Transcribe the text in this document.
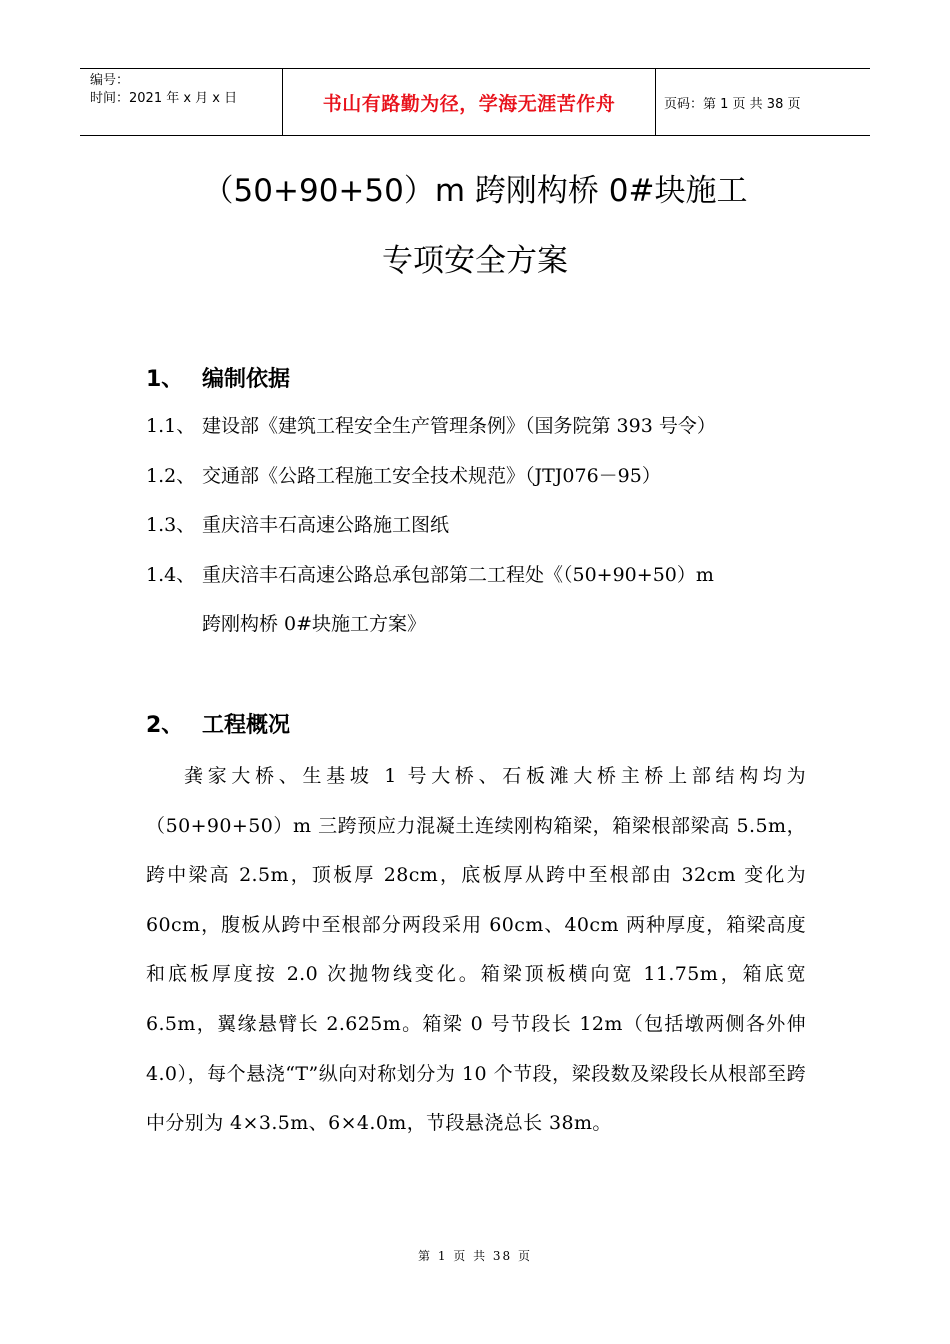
编号：
时间：2021 年 x 月 x 日	书山有路勤为径，学海无涯苦作舟	页码：第 1 页 共 38 页
（50+90+50）m 跨刚构桥 0#块施工
专项安全方案
1、 编制依据
1.1、 建设部《建筑工程安全生产管理条例》（国务院第 393 号令）
1.2、 交通部《公路工程施工安全技术规范》（JTJ076－95）
1.3、 重庆涪丰石高速公路施工图纸
1.4、 重庆涪丰石高速公路总承包部第二工程处《（50+90+50）m
跨刚构桥 0#块施工方案》
2、 工程概况
龚家大桥、生基坡 1 号大桥、石板滩大桥主桥上部结构均为（50+90+50）m 三跨预应力混凝土连续刚构箱梁，箱梁根部梁高 5.5m，跨中梁高 2.5m，顶板厚 28cm，底板厚从跨中至根部由 32cm 变化为 60cm，腹板从跨中至根部分两段采用 60cm、40cm 两种厚度，箱梁高度和底板厚度按 2.0 次抛物线变化。箱梁顶板横向宽 11.75m，箱底宽 6.5m，翼缘悬臂长 2.625m。箱梁 0 号节段长 12m（包括墩两侧各外伸 4.0），每个悬浇“T”纵向对称划分为 10 个节段，梁段数及梁段长从根部至跨中分别为 4×3.5m、6×4.0m，节段悬浇总长 38m。
第 1 页 共 38 页
